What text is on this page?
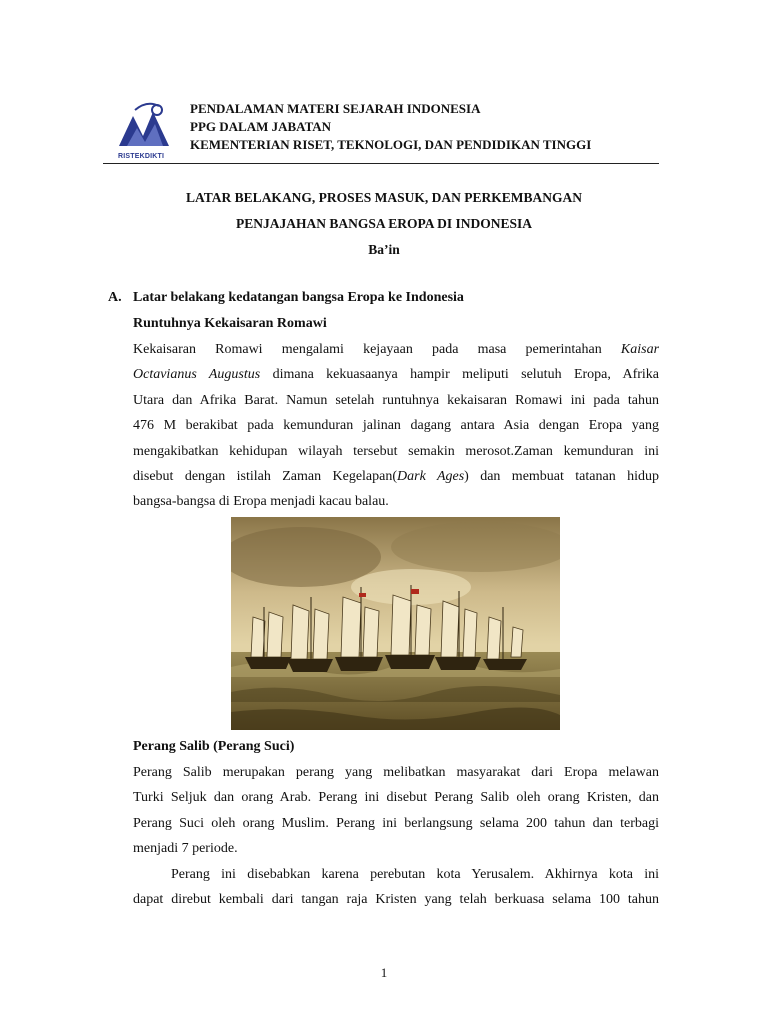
RISTEKDIKTI
PENDALAMAN MATERI SEJARAH INDONESIA
PPG DALAM JABATAN
KEMENTERIAN RISET, TEKNOLOGI, DAN PENDIDIKAN TINGGI
LATAR BELAKANG, PROSES MASUK, DAN PERKEMBANGAN
PENJAJAHAN BANGSA EROPA DI INDONESIA
Ba’in
A. Latar belakang kedatangan bangsa Eropa ke Indonesia
Runtuhnya Kekaisaran Romawi
Kekaisaran Romawi mengalami kejayaan pada masa pemerintahan Kaisar
Octavianus Augustus dimana kekuasaanya hampir meliputi selutuh Eropa, Afrika
Utara dan Afrika Barat. Namun setelah runtuhnya kekaisaran Romawi ini pada tahun
476 M berakibat pada kemunduran jalinan dagang antara Asia dengan Eropa yang
mengakibatkan kehidupan wilayah tersebut semakin merosot.Zaman kemunduran ini
disebut dengan istilah Zaman Kegelapan(Dark Ages) dan membuat tatanan hidup
bangsa-bangsa di Eropa menjadi kacau balau.
Perang Salib (Perang Suci)
Perang Salib merupakan perang yang melibatkan masyarakat dari Eropa melawan
Turki Seljuk dan orang Arab. Perang ini disebut Perang Salib oleh orang Kristen, dan
Perang Suci oleh orang Muslim. Perang ini berlangsung selama 200 tahun dan terbagi
menjadi 7 periode.
Perang ini disebabkan karena perebutan kota Yerusalem. Akhirnya kota ini
dapat direbut kembali dari tangan raja Kristen yang telah berkuasa selama 100 tahun
1
